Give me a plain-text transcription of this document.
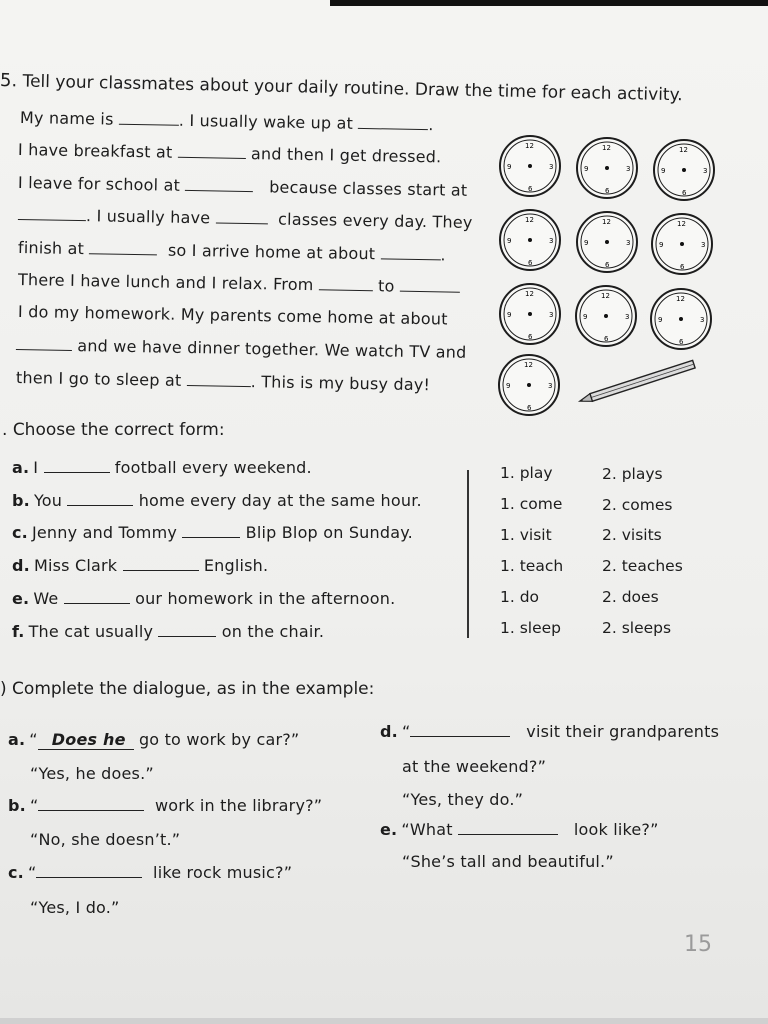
5. Tell your classmates about your daily routine. Draw the time for each activity.
My name is	. I usually wake up at	.
I have breakfast at	and then I get dressed.
I leave for school at	because classes start at
. I usually have	classes every day. They
finish at	so I arrive home at about	.
There I have lunch and I relax. From	to
I do my homework. My parents come home at about
and we have dinner together. We watch TV and
then I go to sleep at	. This is my busy day!
12
3
6
9
12
3
6
9
12
3
6
9
12
3
6
9
12
3
6
9
12
3
6
9
12
3
6
9
12
3
6
9
12
3
6
9
12
3
6
9
. Choose the correct form:
a. I	football every weekend.
b. You	home every day at the same hour.
c. Jenny and Tommy	Blip Blop on Sunday.
d. Miss Clark	English.
e. We	our homework in the afternoon.
f. The cat usually	on the chair.
1. play	2. plays
1. come	2. comes
1. visit	2. visits
1. teach	2. teaches
1. do	2. does
1. sleep	2. sleeps
) Complete the dialogue, as in the example:
a. “ Does he go to work by car?”
“Yes, he does.”
b. “	work in the library?”
“No, she doesn’t.”
c. “	like rock music?”
“Yes, I do.”
d. “	visit their grandparents
at the weekend?”
“Yes, they do.”
e. “What	look like?”
“She’s tall and beautiful.”
15
